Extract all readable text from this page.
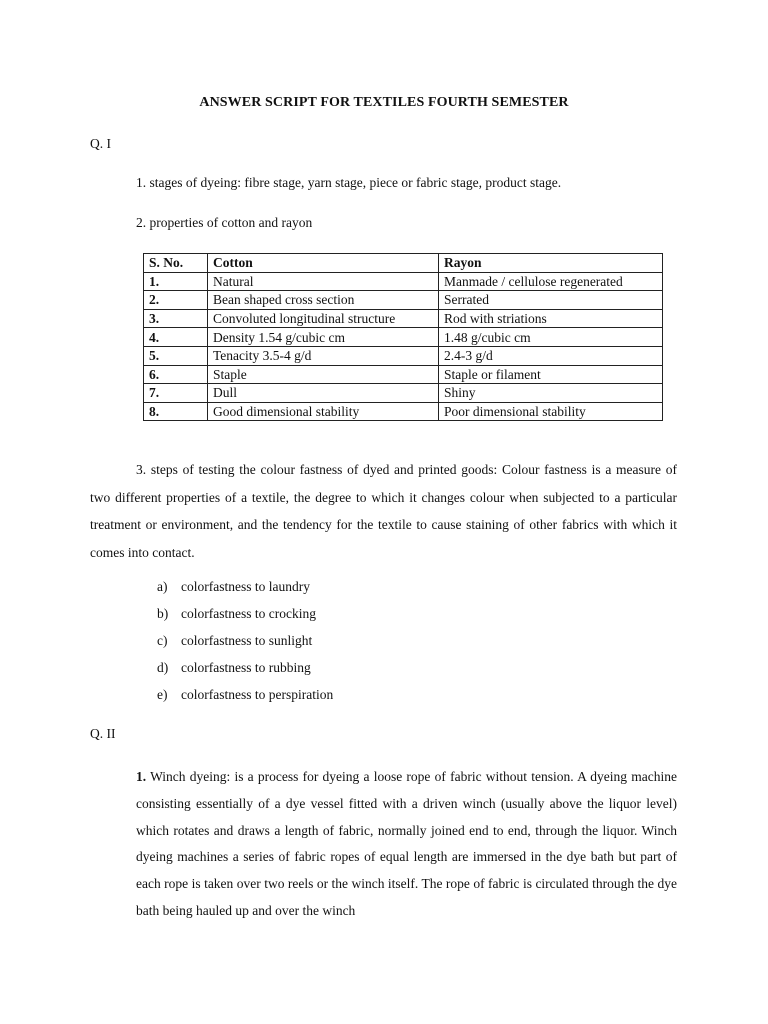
ANSWER SCRIPT FOR TEXTILES FOURTH SEMESTER
Q. I
1. stages of dyeing: fibre stage, yarn stage, piece or fabric stage, product stage.
2. properties of cotton and rayon
S. No.	Cotton	Rayon
1.	Natural	Manmade / cellulose regenerated
2.	Bean shaped cross section	Serrated
3.	Convoluted longitudinal structure	Rod with striations
4.	Density 1.54 g/cubic cm	1.48 g/cubic cm
5.	Tenacity 3.5-4 g/d	2.4-3 g/d
6.	Staple	Staple or filament
7.	Dull	Shiny
8.	Good dimensional stability	Poor dimensional stability
3. steps of testing the colour fastness of dyed and printed goods: Colour fastness is a measure of two different properties of a textile, the degree to which it changes colour when subjected to a particular treatment or environment, and the tendency for the textile to cause staining of other fabrics with which it comes into contact.
a) colorfastness to laundry
b) colorfastness to crocking
c) colorfastness to sunlight
d) colorfastness to rubbing
e) colorfastness to perspiration
Q. II
1. Winch dyeing: is a process for dyeing a loose rope of fabric without tension. A dyeing machine consisting essentially of a dye vessel fitted with a driven winch (usually above the liquor level) which rotates and draws a length of fabric, normally joined end to end, through the liquor. Winch dyeing machines a series of fabric ropes of equal length are immersed in the dye bath but part of each rope is taken over two reels or the winch itself. The rope of fabric is circulated through the dye bath being hauled up and over the winch
